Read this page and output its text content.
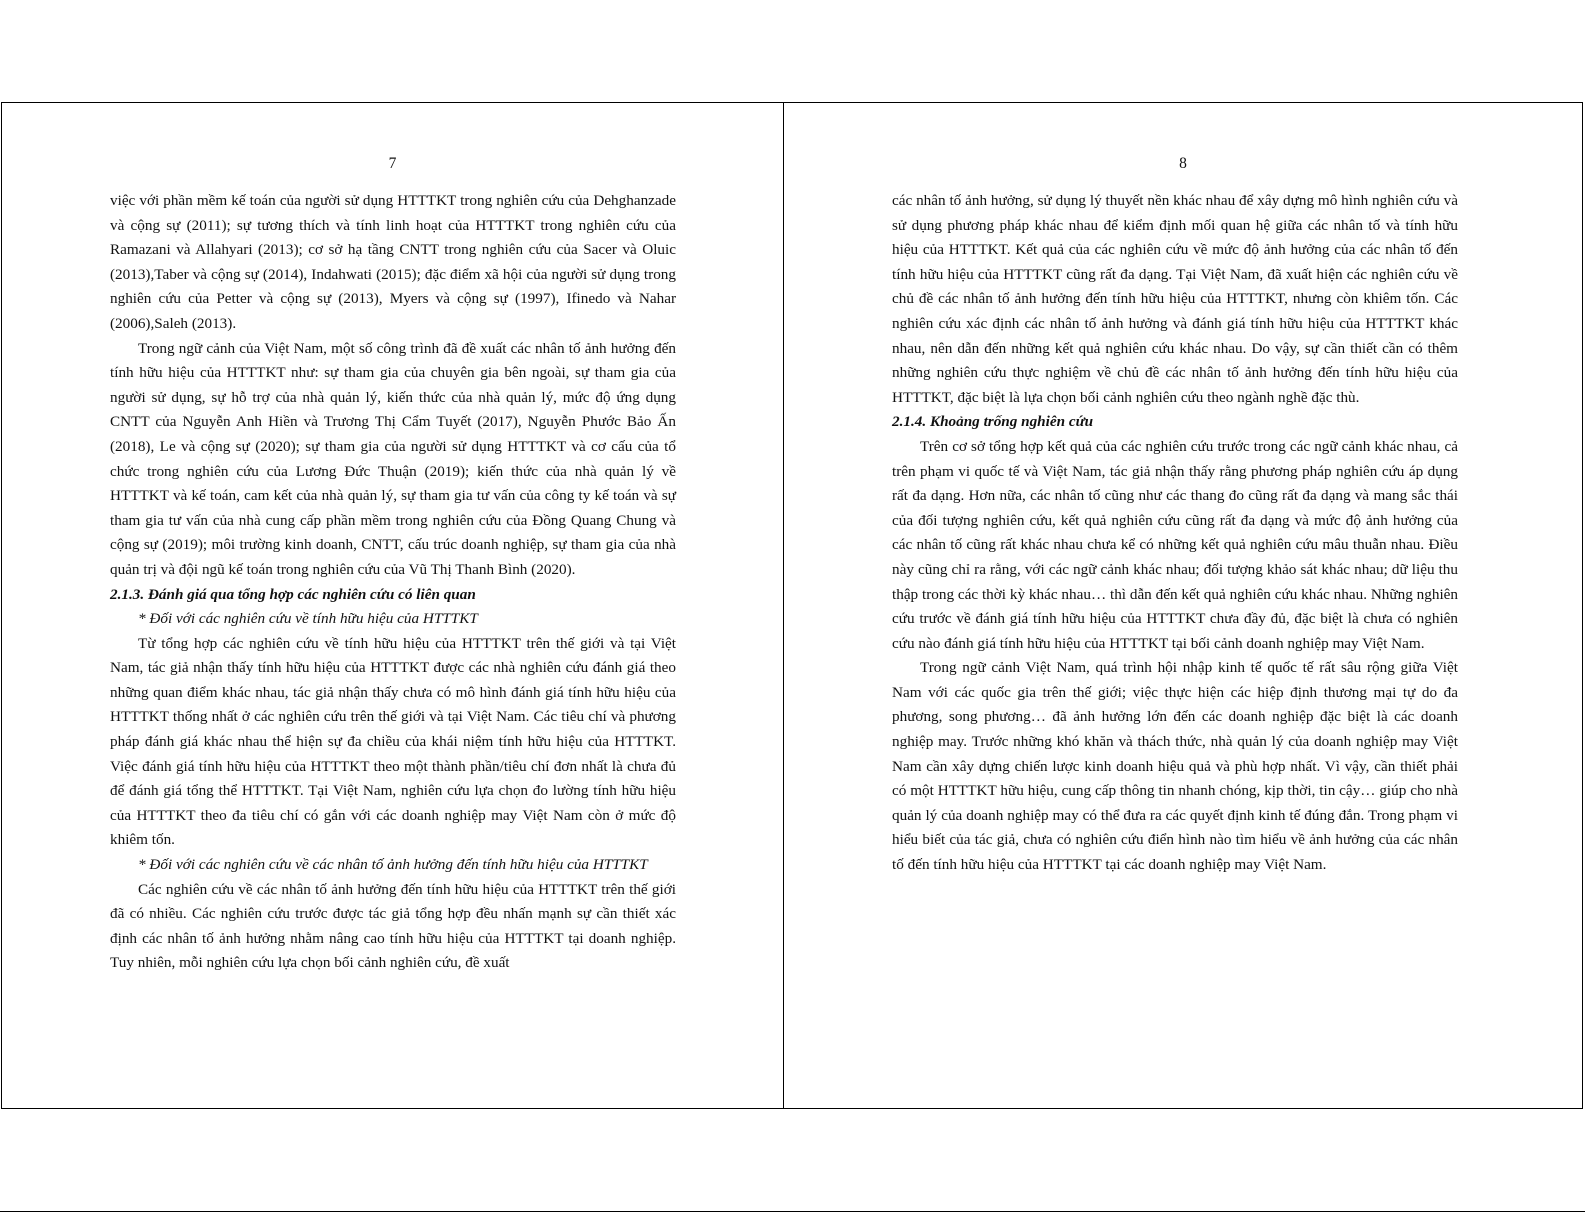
7

việc với phần mềm kế toán của người sử dụng HTTTKT trong nghiên cứu của Dehghanzade và cộng sự (2011); sự tương thích và tính linh hoạt của HTTTKT trong nghiên cứu của Ramazani và Allahyari (2013); cơ sở hạ tầng CNTT trong nghiên cứu của Sacer và Oluic (2013),Taber và cộng sự (2014), Indahwati (2015); đặc điểm xã hội của người sử dụng trong nghiên cứu của Petter và cộng sự (2013), Myers và cộng sự (1997), Ifinedo và Nahar (2006),Saleh (2013).

Trong ngữ cảnh của Việt Nam, một số công trình đã đề xuất các nhân tố ảnh hưởng đến tính hữu hiệu của HTTTKT như: sự tham gia của chuyên gia bên ngoài, sự tham gia của người sử dụng, sự hỗ trợ của nhà quản lý, kiến thức của nhà quản lý, mức độ ứng dụng CNTT của Nguyễn Anh Hiền và Trương Thị Cẩm Tuyết (2017), Nguyễn Phước Bảo Ấn (2018), Le và cộng sự (2020); sự tham gia của người sử dụng HTTTKT và cơ cấu của tổ chức trong nghiên cứu của Lương Đức Thuận (2019); kiến thức của nhà quản lý về HTTTKT và kế toán, cam kết của nhà quản lý, sự tham gia tư vấn của công ty kế toán và sự tham gia tư vấn của nhà cung cấp phần mềm trong nghiên cứu của Đồng Quang Chung và cộng sự (2019); môi trường kinh doanh, CNTT, cấu trúc doanh nghiệp, sự tham gia của nhà quản trị và đội ngũ kế toán trong nghiên cứu của Vũ Thị Thanh Bình (2020).

2.1.3. Đánh giá qua tổng hợp các nghiên cứu có liên quan

* Đối với các nghiên cứu về tính hữu hiệu của HTTTKT

Từ tổng hợp các nghiên cứu về tính hữu hiệu của HTTTKT trên thế giới và tại Việt Nam, tác giả nhận thấy tính hữu hiệu của HTTTKT được các nhà nghiên cứu đánh giá theo những quan điểm khác nhau, tác giả nhận thấy chưa có mô hình đánh giá tính hữu hiệu của HTTTKT thống nhất ở các nghiên cứu trên thế giới và tại Việt Nam. Các tiêu chí và phương pháp đánh giá khác nhau thể hiện sự đa chiều của khái niệm tính hữu hiệu của HTTTKT. Việc đánh giá tính hữu hiệu của HTTTKT theo một thành phần/tiêu chí đơn nhất là chưa đủ để đánh giá tổng thể HTTTKT. Tại Việt Nam, nghiên cứu lựa chọn đo lường tính hữu hiệu của HTTTKT theo đa tiêu chí có gắn với các doanh nghiệp may Việt Nam còn ở mức độ khiêm tốn.

* Đối với các nghiên cứu về các nhân tố ảnh hưởng đến tính hữu hiệu của HTTTKT

Các nghiên cứu về các nhân tố ảnh hưởng đến tính hữu hiệu của HTTTKT trên thế giới đã có nhiều. Các nghiên cứu trước được tác giả tổng hợp đều nhấn mạnh sự cần thiết xác định các nhân tố ảnh hưởng nhằm nâng cao tính hữu hiệu của HTTTKT tại doanh nghiệp. Tuy nhiên, mỗi nghiên cứu lựa chọn bối cảnh nghiên cứu, đề xuất

8

các nhân tố ảnh hưởng, sử dụng lý thuyết nền khác nhau để xây dựng mô hình nghiên cứu và sử dụng phương pháp khác nhau để kiểm định mối quan hệ giữa các nhân tố và tính hữu hiệu của HTTTKT. Kết quả của các nghiên cứu về mức độ ảnh hưởng của các nhân tố đến tính hữu hiệu của HTTTKT cũng rất đa dạng. Tại Việt Nam, đã xuất hiện các nghiên cứu về chủ đề các nhân tố ảnh hưởng đến tính hữu hiệu của HTTTKT, nhưng còn khiêm tốn. Các nghiên cứu xác định các nhân tố ảnh hưởng và đánh giá tính hữu hiệu của HTTTKT khác nhau, nên dẫn đến những kết quả nghiên cứu khác nhau. Do vậy, sự cần thiết cần có thêm những nghiên cứu thực nghiệm về chủ đề các nhân tố ảnh hưởng đến tính hữu hiệu của HTTTKT, đặc biệt là lựa chọn bối cảnh nghiên cứu theo ngành nghề đặc thù.

2.1.4. Khoảng trống nghiên cứu

Trên cơ sở tổng hợp kết quả của các nghiên cứu trước trong các ngữ cảnh khác nhau, cả trên phạm vi quốc tế và Việt Nam, tác giả nhận thấy rằng phương pháp nghiên cứu áp dụng rất đa dạng. Hơn nữa, các nhân tố cũng như các thang đo cũng rất đa dạng và mang sắc thái của đối tượng nghiên cứu, kết quả nghiên cứu cũng rất đa dạng và mức độ ảnh hưởng của các nhân tố cũng rất khác nhau chưa kể có những kết quả nghiên cứu mâu thuẫn nhau. Điều này cũng chỉ ra rằng, với các ngữ cảnh khác nhau; đối tượng khảo sát khác nhau; dữ liệu thu thập trong các thời kỳ khác nhau… thì dẫn đến kết quả nghiên cứu khác nhau. Những nghiên cứu trước về đánh giá tính hữu hiệu của HTTTKT chưa đầy đủ, đặc biệt là chưa có nghiên cứu nào đánh giá tính hữu hiệu của HTTTKT tại bối cảnh doanh nghiệp may Việt Nam.

Trong ngữ cảnh Việt Nam, quá trình hội nhập kinh tế quốc tế rất sâu rộng giữa Việt Nam với các quốc gia trên thế giới; việc thực hiện các hiệp định thương mại tự do đa phương, song phương… đã ảnh hưởng lớn đến các doanh nghiệp đặc biệt là các doanh nghiệp may. Trước những khó khăn và thách thức, nhà quản lý của doanh nghiệp may Việt Nam cần xây dựng chiến lược kinh doanh hiệu quả và phù hợp nhất. Vì vậy, cần thiết phải có một HTTTKT hữu hiệu, cung cấp thông tin nhanh chóng, kịp thời, tin cậy… giúp cho nhà quản lý của doanh nghiệp may có thể đưa ra các quyết định kinh tế đúng đắn. Trong phạm vi hiểu biết của tác giả, chưa có nghiên cứu điển hình nào tìm hiểu về ảnh hưởng của các nhân tố đến tính hữu hiệu của HTTTKT tại các doanh nghiệp may Việt Nam.
